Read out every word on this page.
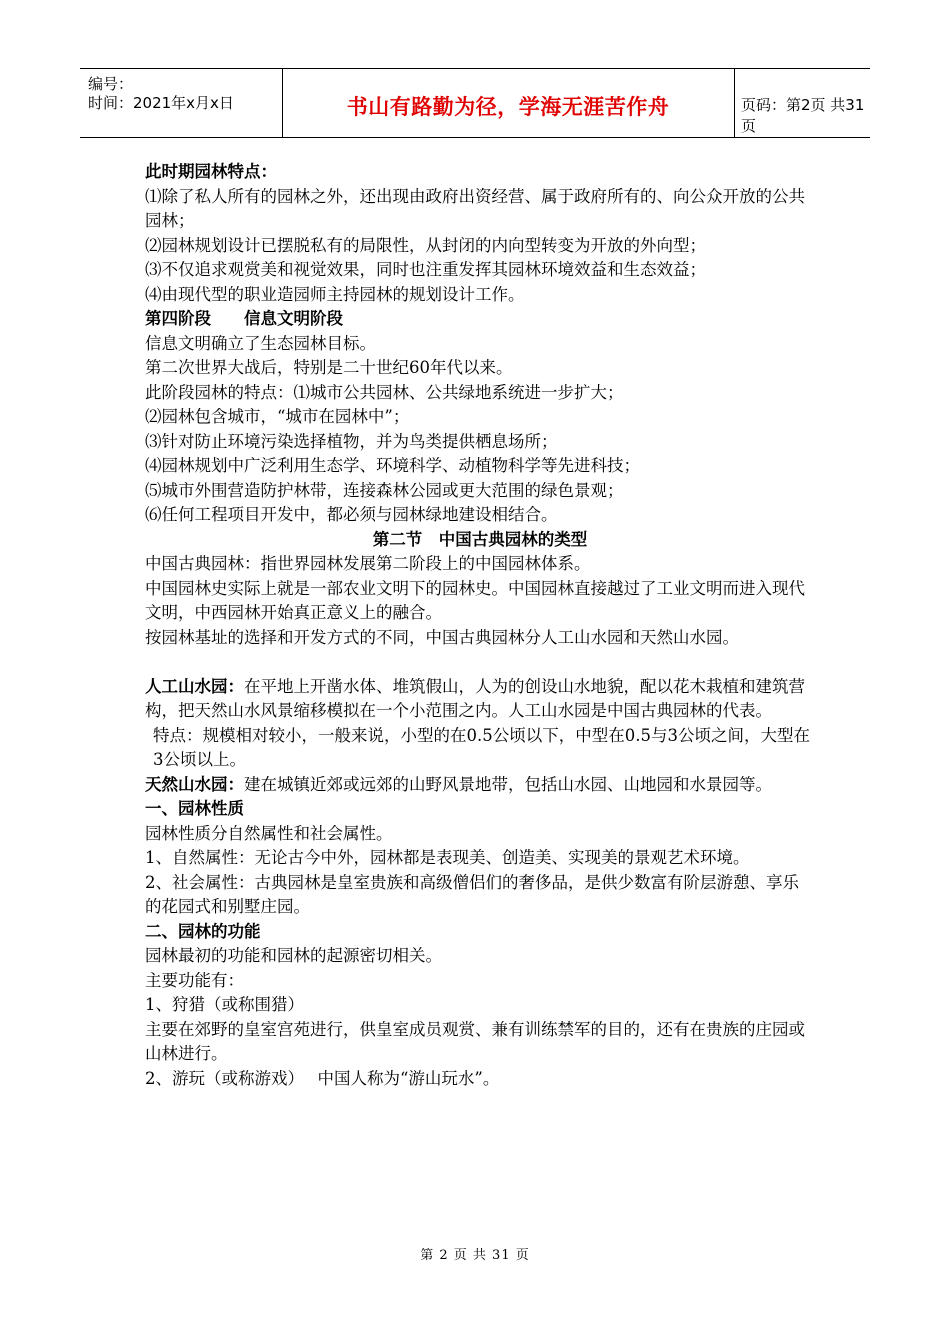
编号：
时间：2021年x月x日	书山有路勤为径，学海无涯苦作舟	页码：第2页 共31页

此时期园林特点：

⑴除了私人所有的园林之外，还出现由政府出资经营、属于政府所有的、向公众开放的公共园林；

⑵园林规划设计已摆脱私有的局限性，从封闭的内向型转变为开放的外向型；

⑶不仅追求观赏美和视觉效果，同时也注重发挥其园林环境效益和生态效益；

⑷由现代型的职业造园师主持园林的规划设计工作。

第四阶段　　信息文明阶段

信息文明确立了生态园林目标。

第二次世界大战后，特别是二十世纪60年代以来。

此阶段园林的特点：⑴城市公共园林、公共绿地系统进一步扩大；

⑵园林包含城市，“城市在园林中”；

⑶针对防止环境污染选择植物，并为鸟类提供栖息场所；

⑷园林规划中广泛利用生态学、环境科学、动植物科学等先进科技；

⑸城市外围营造防护林带，连接森林公园或更大范围的绿色景观；

⑹任何工程项目开发中，都必须与园林绿地建设相结合。

第二节　中国古典园林的类型

中国古典园林：指世界园林发展第二阶段上的中国园林体系。

中国园林史实际上就是一部农业文明下的园林史。中国园林直接越过了工业文明而进入现代文明，中西园林开始真正意义上的融合。

按园林基址的选择和开发方式的不同，中国古典园林分人工山水园和天然山水园。

人工山水园：在平地上开凿水体、堆筑假山，人为的创设山水地貌，配以花木栽植和建筑营构，把天然山水风景缩移模拟在一个小范围之内。人工山水园是中国古典园林的代表。

特点：规模相对较小，一般来说，小型的在0.5公顷以下，中型在0.5与3公顷之间，大型在3公顷以上。

天然山水园：建在城镇近郊或远郊的山野风景地带，包括山水园、山地园和水景园等。

一、园林性质

园林性质分自然属性和社会属性。

1、自然属性：无论古今中外，园林都是表现美、创造美、实现美的景观艺术环境。

2、社会属性：古典园林是皇室贵族和高级僧侣们的奢侈品，是供少数富有阶层游憩、享乐的花园式和别墅庄园。

二、园林的功能

园林最初的功能和园林的起源密切相关。

主要功能有：

1、狩猎（或称围猎）

主要在郊野的皇室宫苑进行，供皇室成员观赏、兼有训练禁军的目的，还有在贵族的庄园或山林进行。

2、游玩（或称游戏）　 中国人称为“游山玩水”。

第 2 页 共 31 页
